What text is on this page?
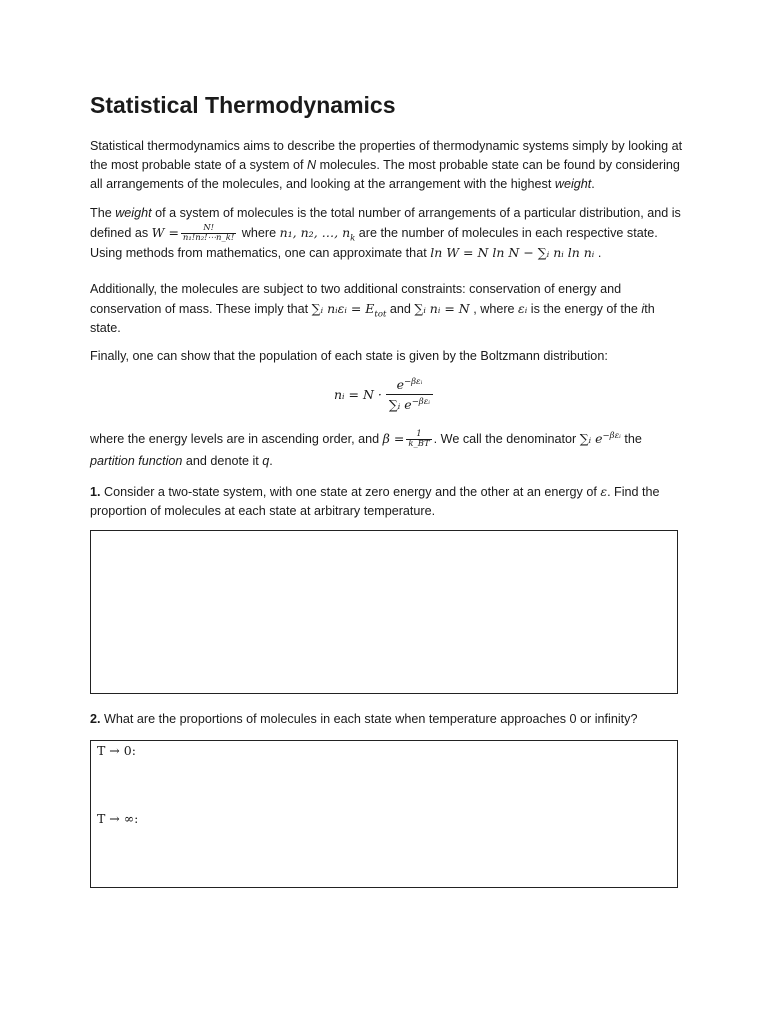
Statistical Thermodynamics

Statistical thermodynamics aims to describe the properties of thermodynamic systems simply by looking at the most probable state of a system of N molecules. The most probable state can be found by considering all arrangements of the molecules, and looking at the arrangement with the highest weight.

The weight of a system of molecules is the total number of arrangements of a particular distribution, and is defined as $W = \frac{N!}{\text{n₁!n₂!⋯n\_k!}}$ where n₁, n₂, …, $n_k$ are the number of molecules in each respective state. Using methods from mathematics, one can approximate that ln W = N ln N − ∑ᵢ nᵢ ln nᵢ .

Additionally, the molecules are subject to two additional constraints: conservation of energy and conservation of mass. These imply that ∑ᵢ nᵢεᵢ = $E_{tot}$ and ∑ᵢ nᵢ = N , where εᵢ is the energy of the ith state.

Finally, one can show that the population of each state is given by the Boltzmann distribution:

nᵢ = $N \cdot \frac{e^{-\beta\varepsilon ᵢ}}{\sum ᵢ e^{-\beta\varepsilon ᵢ}}$

where the energy levels are in ascending order, and $\beta = \frac{1}{k\_BT}$ . We call the denominator ∑ᵢ $e^{-\beta\varepsilon ᵢ}$ the partition function and denote it q.

1. Consider a two-state system, with one state at zero energy and the other at an energy of ε. Find the proportion of molecules at each state at arbitrary temperature.

2. What are the proportions of molecules in each state when temperature approaches 0 or infinity?

T → 0:
T → ∞:
